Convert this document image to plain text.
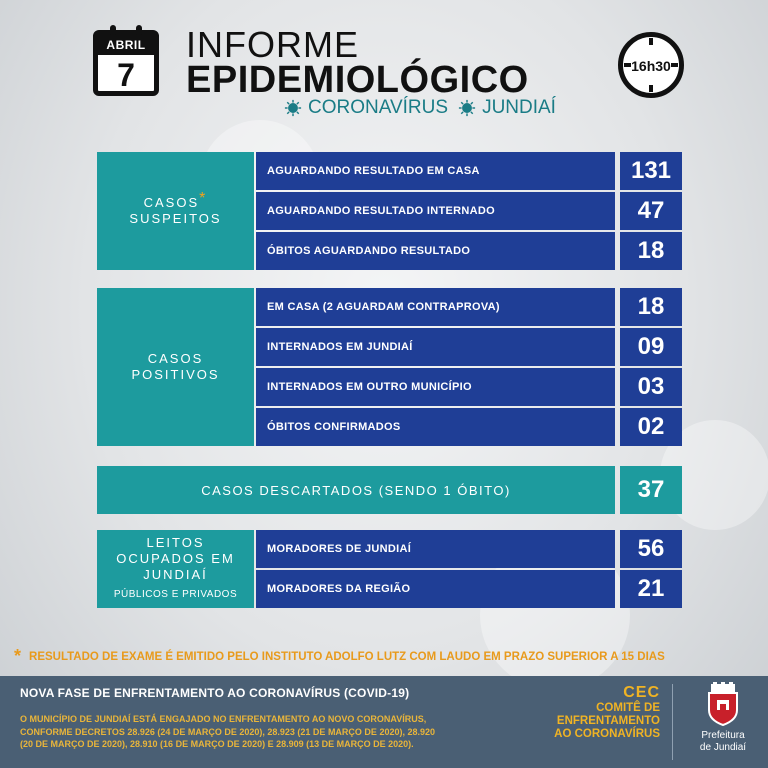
ABRIL
7
INFORME
EPIDEMIOLÓGICO
CORONAVÍRUS JUNDIAÍ
16h30
CASOS*
SUSPEITOS
AGUARDANDO RESULTADO EM CASA	131
AGUARDANDO RESULTADO INTERNADO	47
ÓBITOS AGUARDANDO RESULTADO	18
CASOS
POSITIVOS
EM CASA (2 AGUARDAM CONTRAPROVA)	18
INTERNADOS EM JUNDIAÍ	09
INTERNADOS EM OUTRO MUNICÍPIO	03
ÓBITOS CONFIRMADOS	02
CASOS DESCARTADOS (SENDO 1 ÓBITO)	37
LEITOS
OCUPADOS EM
JUNDIAÍ
PÚBLICOS E PRIVADOS
MORADORES DE JUNDIAÍ	56
MORADORES DA REGIÃO	21
* RESULTADO DE EXAME É EMITIDO PELO INSTITUTO ADOLFO LUTZ COM LAUDO EM PRAZO SUPERIOR A 15 DIAS
NOVA FASE DE ENFRENTAMENTO AO CORONAVÍRUS (COVID-19)
O MUNICÍPIO DE JUNDIAÍ ESTÁ ENGAJADO NO ENFRENTAMENTO AO NOVO CORONAVÍRUS,
CONFORME DECRETOS 28.926 (24 DE MARÇO DE 2020), 28.923 (21 DE MARÇO DE 2020), 28.920
(20 DE MARÇO DE 2020), 28.910 (16 DE MARÇO DE 2020) E 28.909 (13 DE MARÇO DE 2020).
CEC
COMITÊ DE
ENFRENTAMENTO
AO CORONAVÍRUS	Prefeitura
de Jundiaí
